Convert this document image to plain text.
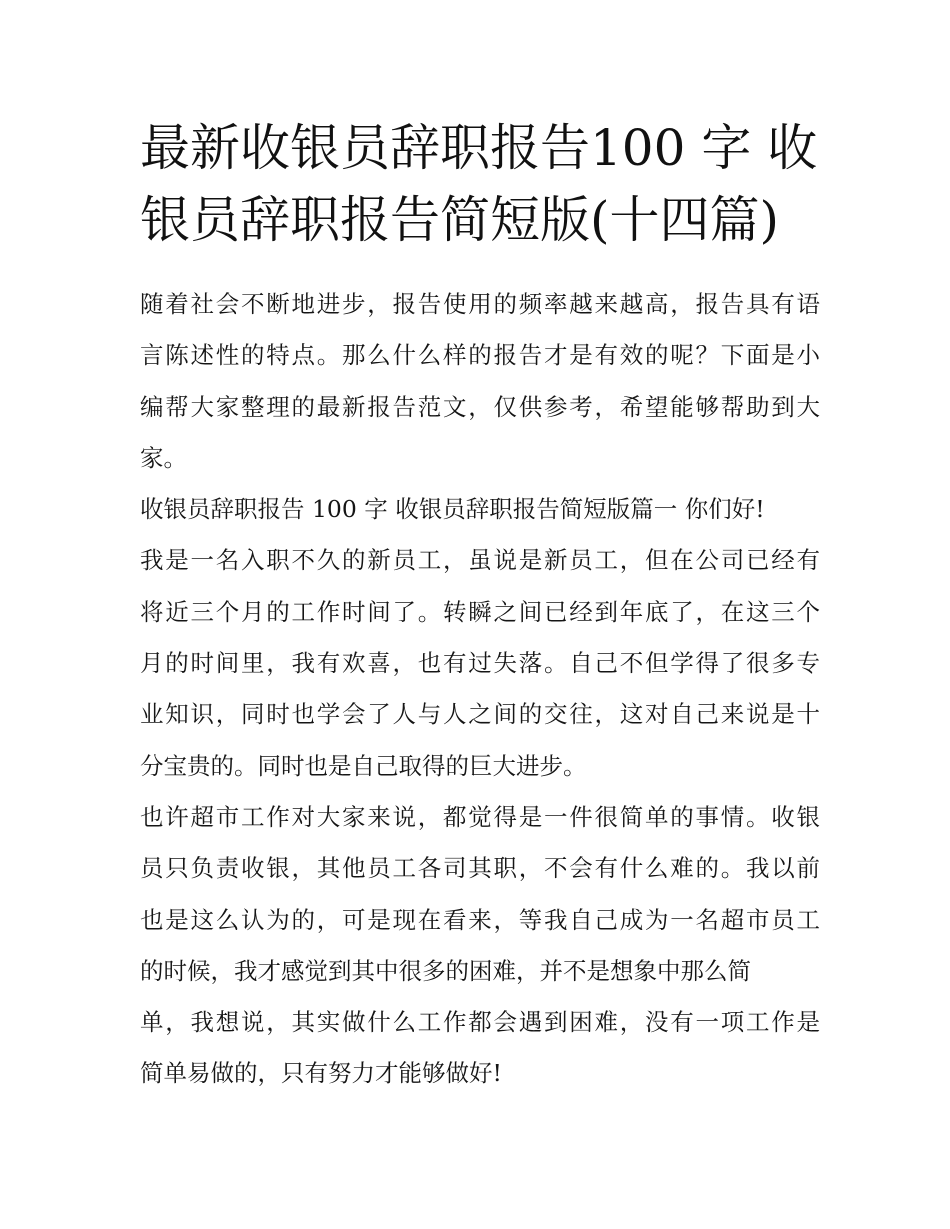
最新收银员辞职报告100 字 收
银员辞职报告简短版(十四篇)
随着社会不断地进步，报告使用的频率越来越高，报告具有语
言陈述性的特点。那么什么样的报告才是有效的呢？下面是小
编帮大家整理的最新报告范文，仅供参考，希望能够帮助到大
家。
收银员辞职报告 100 字 收银员辞职报告简短版篇一 你们好!
我是一名入职不久的新员工，虽说是新员工，但在公司已经有
将近三个月的工作时间了。转瞬之间已经到年底了，在这三个
月的时间里，我有欢喜，也有过失落。自己不但学得了很多专
业知识，同时也学会了人与人之间的交往，这对自己来说是十
分宝贵的。同时也是自己取得的巨大进步。
也许超市工作对大家来说，都觉得是一件很简单的事情。收银
员只负责收银，其他员工各司其职，不会有什么难的。我以前
也是这么认为的，可是现在看来，等我自己成为一名超市员工
的时候，我才感觉到其中很多的困难，并不是想象中那么简
单，我想说，其实做什么工作都会遇到困难，没有一项工作是
简单易做的，只有努力才能够做好!
